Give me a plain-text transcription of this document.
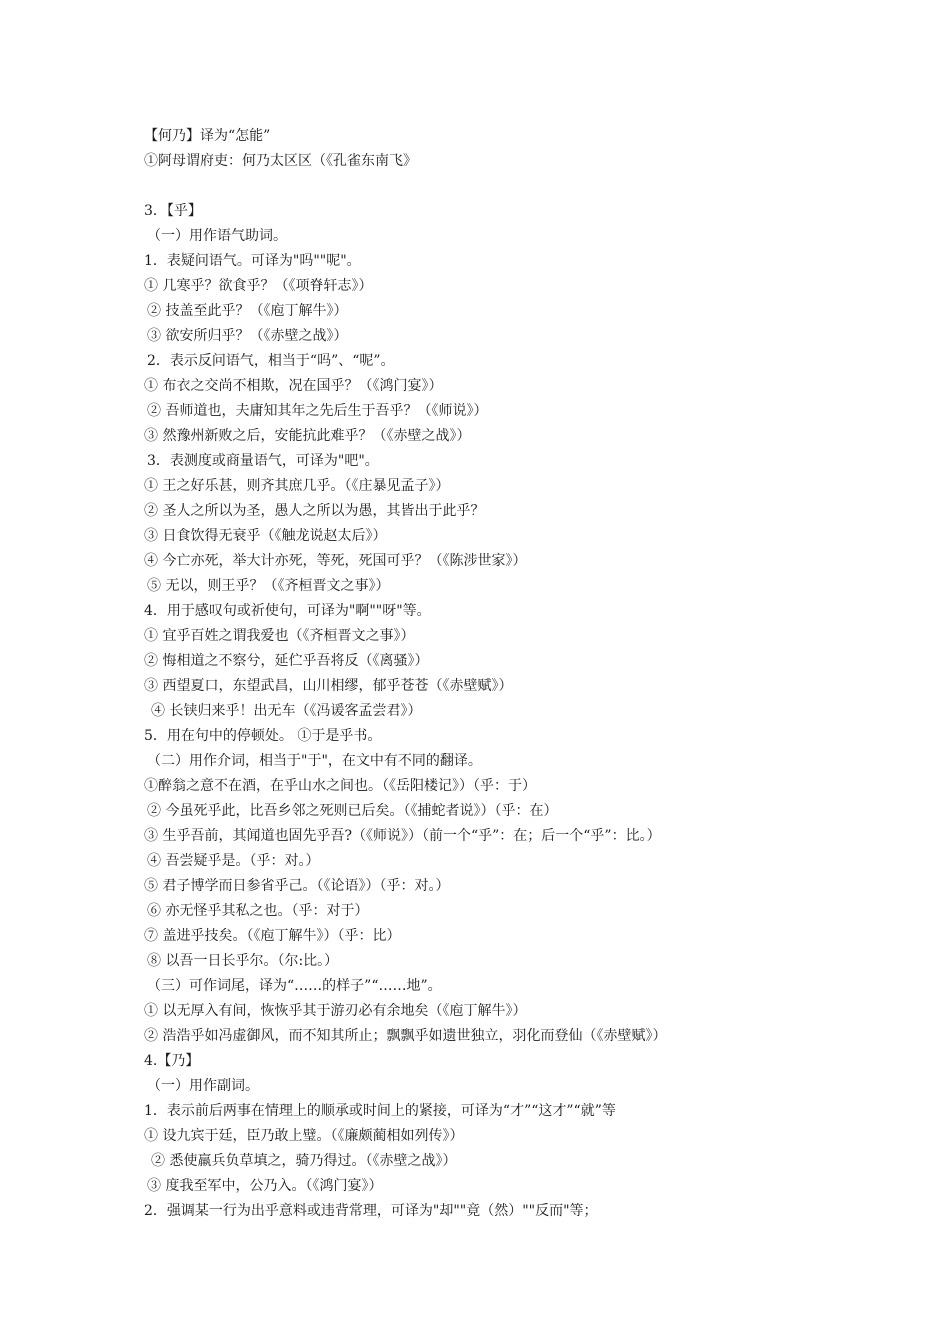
【何乃】译为“怎能”
①阿母谓府吏：何乃太区区（《孔雀东南飞》
3．【乎】
（一）用作语气助词。
1．表疑问语气。可译为"吗""呢"。
① 几寒乎？欲食乎？（《项脊轩志》）
② 技盖至此乎？（《庖丁解牛》）
③ 欲安所归乎？（《赤壁之战》）
2．表示反问语气，相当于“吗”、“呢”。
① 布衣之交尚不相欺，况在国乎？（《鸿门宴》）
② 吾师道也，夫庸知其年之先后生于吾乎？（《师说》）
③ 然豫州新败之后，安能抗此难乎？（《赤壁之战》）
3．表测度或商量语气，可译为"吧"。
① 王之好乐甚，则齐其庶几乎。（《庄暴见孟子》）
② 圣人之所以为圣，愚人之所以为愚，其皆出于此乎？
③ 日食饮得无衰乎（《触龙说赵太后》）
④ 今亡亦死，举大计亦死，等死，死国可乎？（《陈涉世家》）
⑤ 无以，则王乎？（《齐桓晋文之事》）
4．用于感叹句或祈使句，可译为"啊""呀"等。
① 宜乎百姓之谓我爱也（《齐桓晋文之事》）
② 悔相道之不察兮，延伫乎吾将反（《离骚》）
③ 西望夏口，东望武昌，山川相缪，郁乎苍苍（《赤壁赋》）
④ 长铗归来乎！出无车（《冯谖客孟尝君》）
5．用在句中的停顿处。 ①于是乎书。
（二）用作介词，相当于"于"，在文中有不同的翻译。
①醉翁之意不在酒，在乎山水之间也。（《岳阳楼记》）（乎：于）
② 今虽死乎此，比吾乡邻之死则已后矣。（《捕蛇者说》）（乎：在）
③ 生乎吾前，其闻道也固先乎吾?（《师说》）（前一个“乎”：在；后一个“乎”：比。）
④ 吾尝疑乎是。（乎：对。）
⑤ 君子博学而日参省乎己。（《论语》）（乎：对。）
⑥ 亦无怪乎其私之也。（乎：对于）
⑦ 盖进乎技矣。（《庖丁解牛》）（乎：比）
⑧ 以吾一日长乎尔。（尔:比。）
（三）可作词尾，译为“……的样子”“……地”。
① 以无厚入有间，恢恢乎其于游刃必有余地矣（《庖丁解牛》）
② 浩浩乎如冯虚御风，而不知其所止；飘飘乎如遗世独立，羽化而登仙（《赤壁赋》）
4.【乃】
（一）用作副词。
1．表示前后两事在情理上的顺承或时间上的紧接，可译为“才”“这才”“就”等
① 设九宾于廷，臣乃敢上璧。（《廉颇蔺相如列传》）
② 悉使羸兵负草填之，骑乃得过。（《赤壁之战》）
③ 度我至军中，公乃入。（《鸿门宴》）
2．强调某一行为出乎意料或违背常理，可译为"却""竟（然）""反而"等；
